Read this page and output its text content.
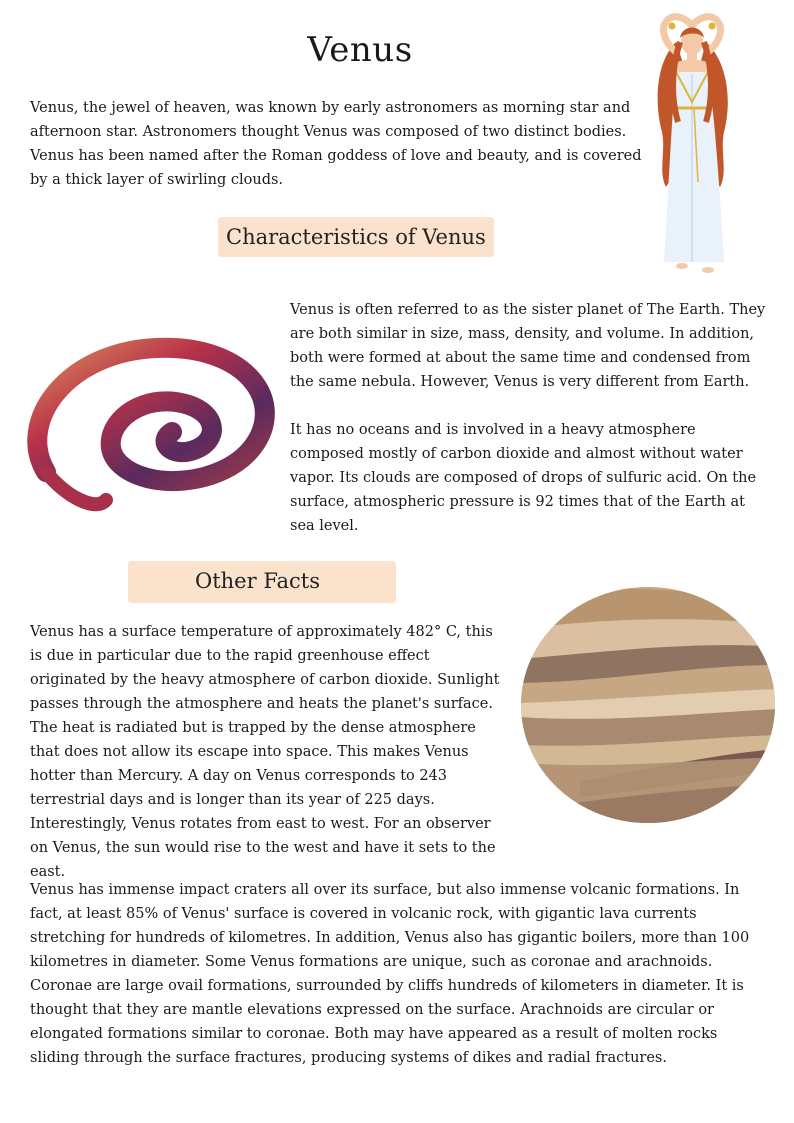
Venus

Venus, the jewel of heaven, was known by early astronomers as morning star and afternoon star. Astronomers thought Venus was composed of two distinct bodies. Venus has been named after the Roman goddess of love and beauty, and is covered by a thick layer of swirling clouds.

Characteristics of Venus

Venus is often referred to as the sister planet of The Earth. They are both similar in size, mass, density, and volume. In addition, both were formed at about the same time and condensed from the same nebula. However, Venus is very different from Earth.

It has no oceans and is involved in a heavy atmosphere composed mostly of carbon dioxide and almost without water vapor. Its clouds are composed of drops of sulfuric acid. On the surface, atmospheric pressure is 92 times that of the Earth at sea level.

Other Facts

Venus has a surface temperature of approximately 482° C, this is due in particular due to the rapid greenhouse effect originated by the heavy atmosphere of carbon dioxide. Sunlight passes through the atmosphere and heats the planet's surface. The heat is radiated but is trapped by the dense atmosphere that does not allow its escape into space. This makes Venus hotter than Mercury. A day on Venus corresponds to 243 terrestrial days and is longer than its year of 225 days. Interestingly, Venus rotates from east to west. For an observer on Venus, the sun would rise to the west and have it sets to the east.

Venus has immense impact craters all over its surface, but also immense volcanic formations. In fact, at least 85% of Venus' surface is covered in volcanic rock, with gigantic lava currents stretching for hundreds of kilometres. In addition, Venus also has gigantic boilers, more than 100 kilometres in diameter. Some Venus formations are unique, such as coronae and arachnoids. Coronae are large ovail formations, surrounded by cliffs hundreds of kilometers in diameter. It is thought that they are mantle elevations expressed on the surface. Arachnoids are circular or elongated formations similar to coronae. Both may have appeared as a result of molten rocks sliding through the surface fractures, producing systems of dikes and radial fractures.
